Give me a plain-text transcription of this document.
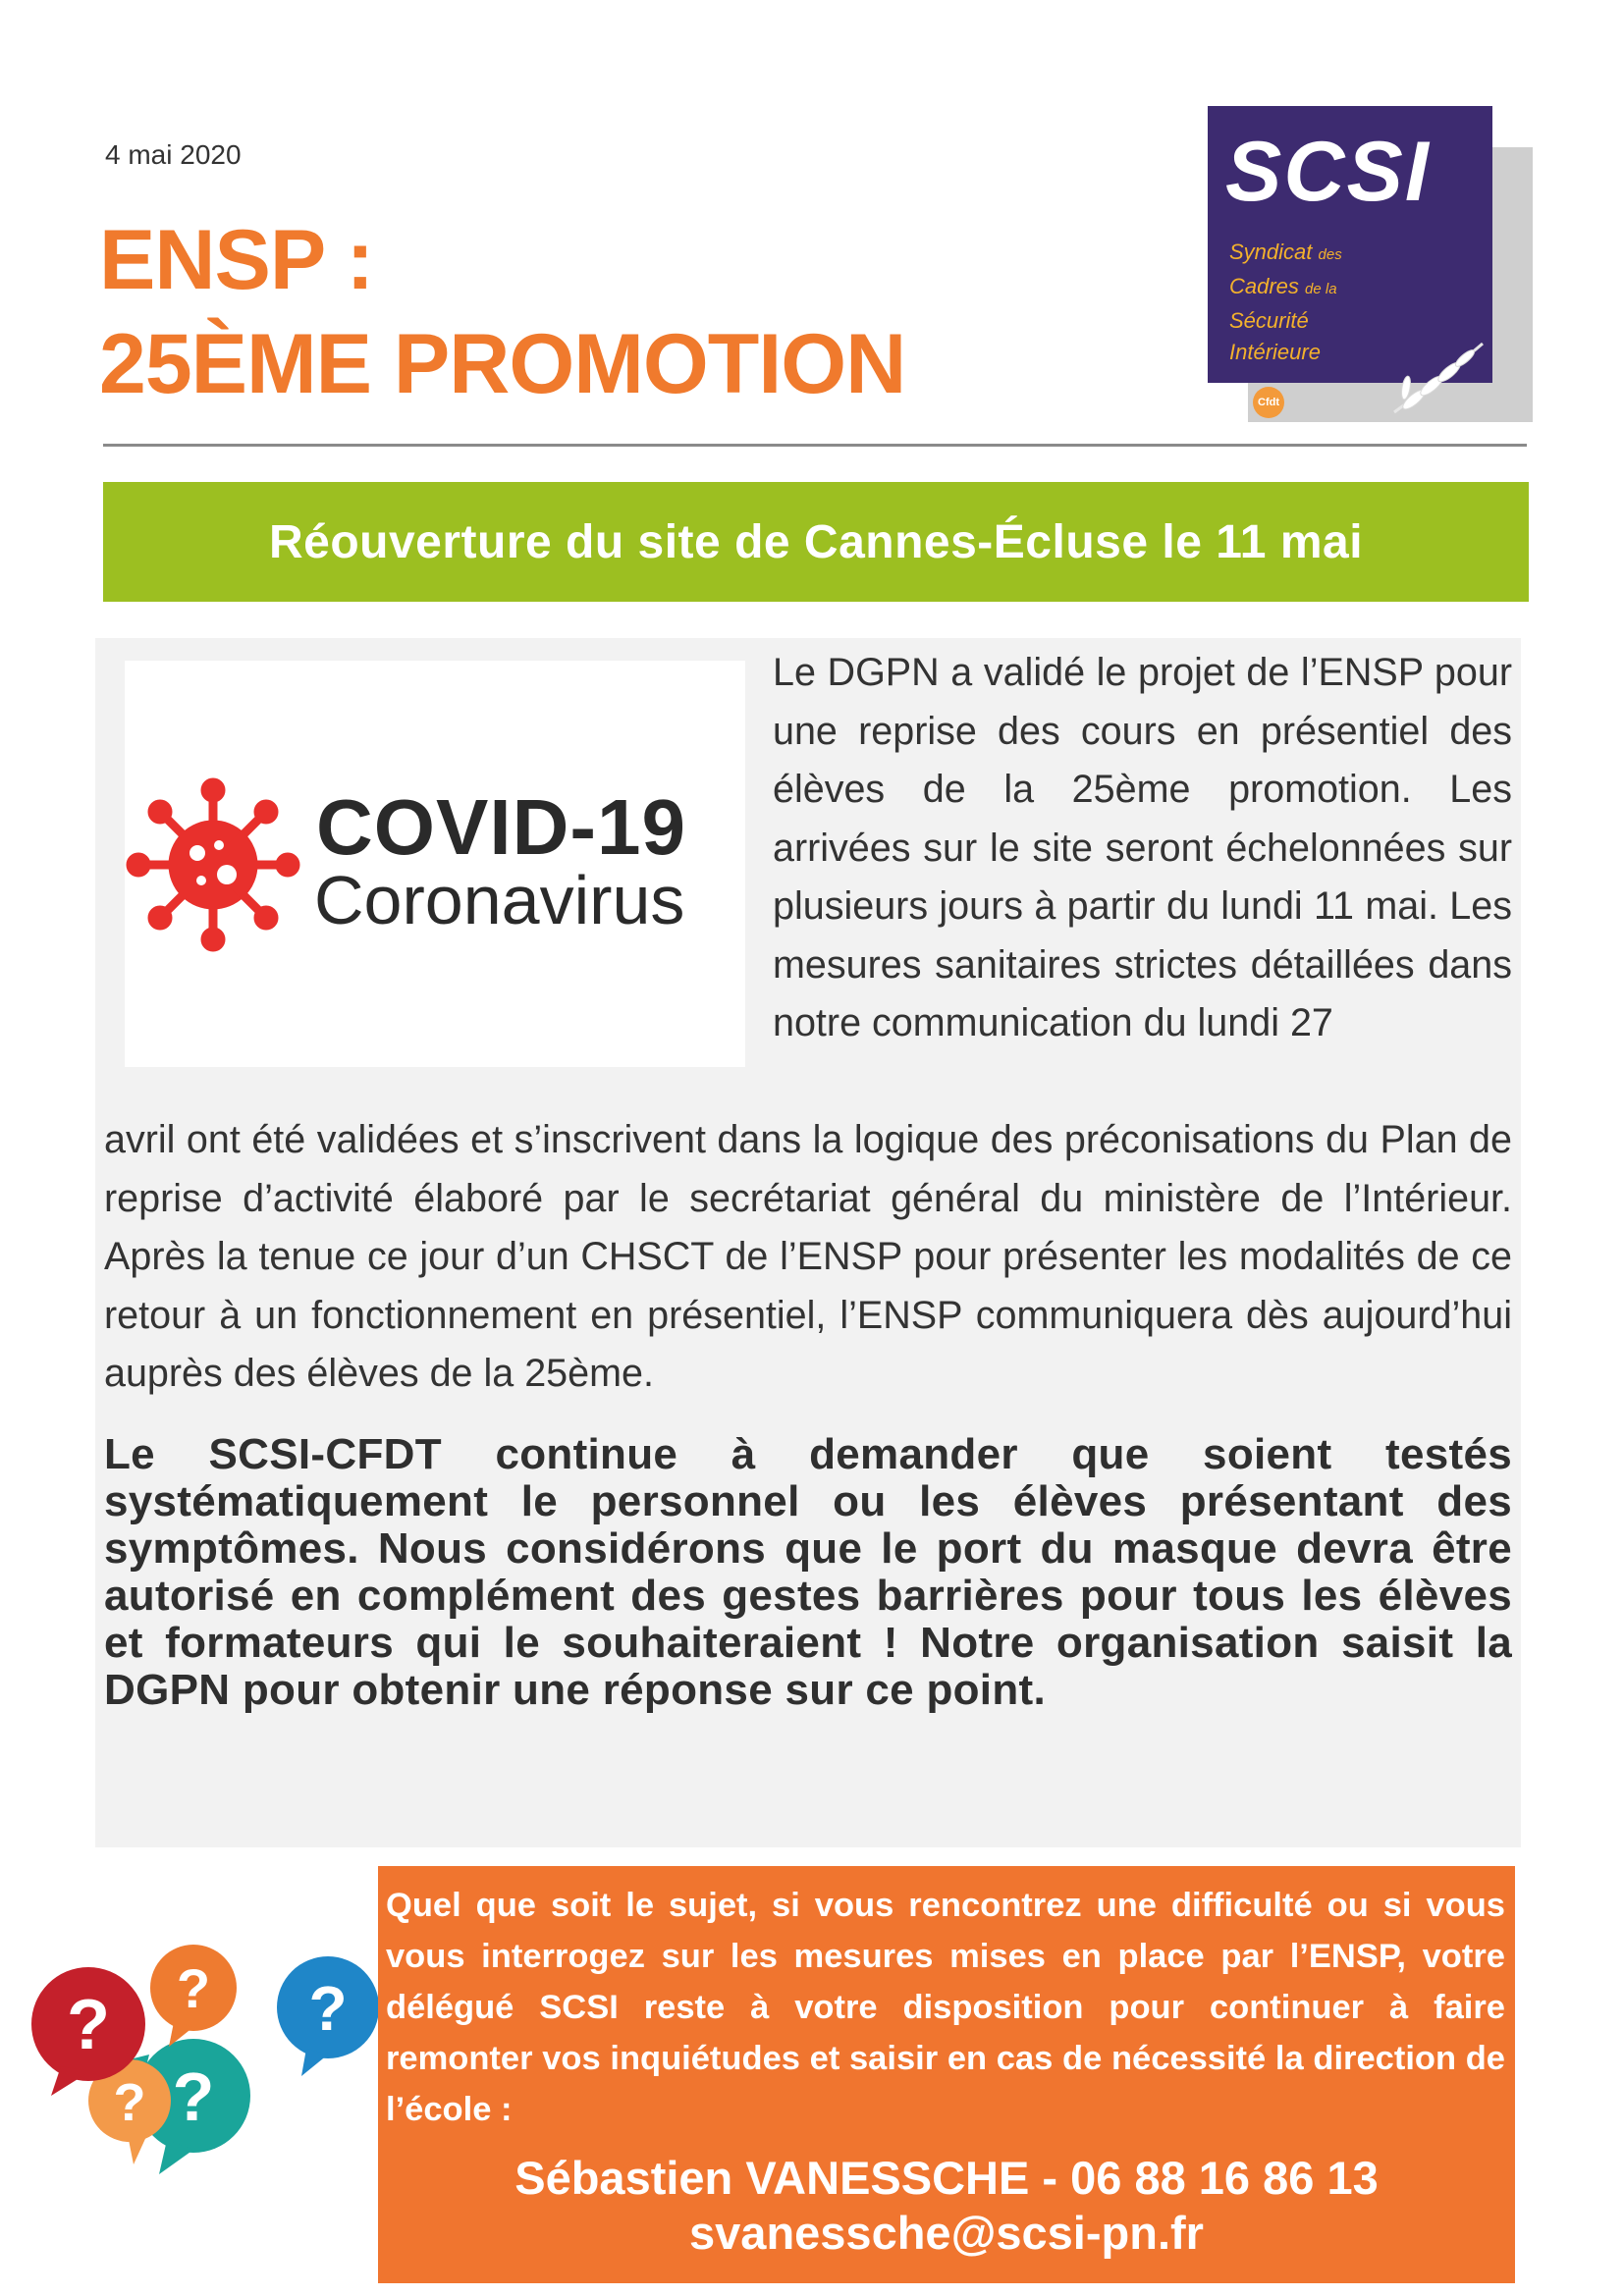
4 mai 2020
ENSP :
25ÈME PROMOTION
SCSI
Syndicat des
Cadres de la
Sécurité
Intérieure
Cfdt
Réouverture du site de Cannes-Écluse le 11 mai
COVID-19
Coronavirus
Le DGPN a validé le projet de l’ENSP pour une reprise des cours en présentiel des élèves de la 25ème promotion. Les arrivées sur le site seront échelonnées sur plusieurs jours à partir du lundi 11 mai. Les mesures sanitaires strictes détaillées dans notre communication du lundi 27
avril ont été validées et s’inscrivent dans la logique des préconisations du Plan de reprise d’activité élaboré par le secrétariat général du ministère de l’Intérieur. Après la tenue ce jour d’un CHSCT de l’ENSP pour présenter les modalités de ce retour à un fonctionnement en présentiel, l’ENSP communiquera dès aujourd’hui auprès des élèves de la 25ème.
Le SCSI-CFDT continue à demander que soient testés systématiquement le personnel ou les élèves présentant des symptômes. Nous considérons que le port du masque devra être autorisé en complément des gestes barrières pour tous les élèves et formateurs qui le souhaiteraient ! Notre organisation saisit la DGPN pour obtenir une réponse sur ce point.
?
?
? ? ?
Quel que soit le sujet, si vous rencontrez une difficulté ou si vous vous interrogez sur les mesures mises en place par l’ENSP, votre délégué SCSI reste à votre disposition pour continuer à faire remonter vos inquiétudes et saisir en cas de nécessité la direction de l’école :
Sébastien VANESSCHE - 06 88 16 86 13
svanessche@scsi-pn.fr
